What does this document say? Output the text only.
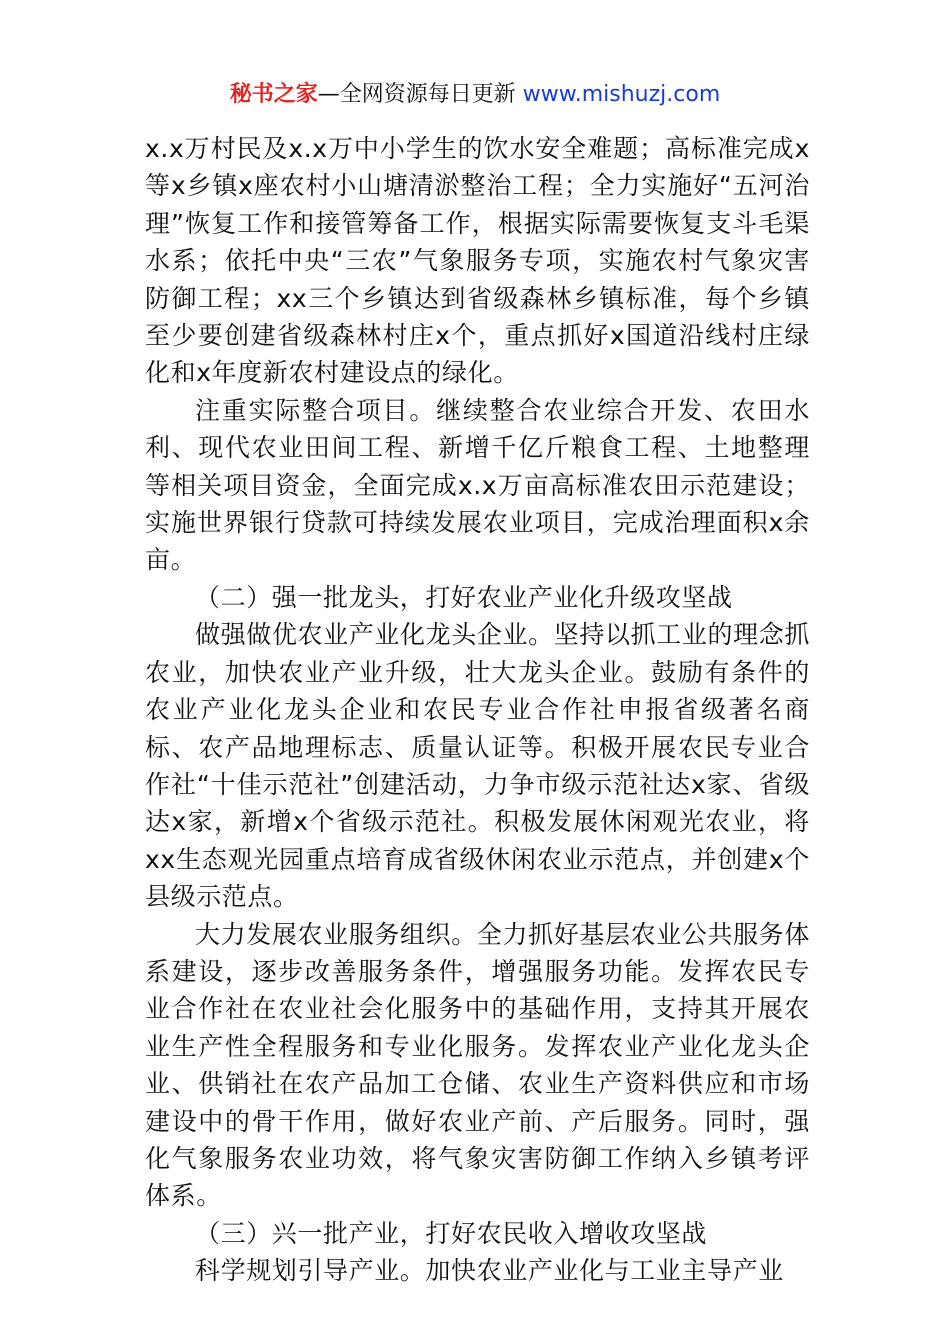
秘书之家—全网资源每日更新 www.mishuzj.com

x.x万村民及x.x万中小学生的饮水安全难题；高标准完成x等x乡镇x座农村小山塘清淤整治工程；全力实施好“五河治理”恢复工作和接管筹备工作，根据实际需要恢复支斗毛渠水系；依托中央“三农”气象服务专项，实施农村气象灾害防御工程；xx三个乡镇达到省级森林乡镇标准，每个乡镇至少要创建省级森林村庄x个，重点抓好x国道沿线村庄绿化和x年度新农村建设点的绿化。

注重实际整合项目。继续整合农业综合开发、农田水利、现代农业田间工程、新增千亿斤粮食工程、土地整理等相关项目资金，全面完成x.x万亩高标准农田示范建设；实施世界银行贷款可持续发展农业项目，完成治理面积x余亩。

（二）强一批龙头，打好农业产业化升级攻坚战

做强做优农业产业化龙头企业。坚持以抓工业的理念抓农业，加快农业产业升级，壮大龙头企业。鼓励有条件的农业产业化龙头企业和农民专业合作社申报省级著名商标、农产品地理标志、质量认证等。积极开展农民专业合作社“十佳示范社”创建活动，力争市级示范社达x家、省级达x家，新增x个省级示范社。积极发展休闲观光农业，将xx生态观光园重点培育成省级休闲农业示范点，并创建x个县级示范点。

大力发展农业服务组织。全力抓好基层农业公共服务体系建设，逐步改善服务条件，增强服务功能。发挥农民专业合作社在农业社会化服务中的基础作用，支持其开展农业生产性全程服务和专业化服务。发挥农业产业化龙头企业、供销社在农产品加工仓储、农业生产资料供应和市场建设中的骨干作用，做好农业产前、产后服务。同时，强化气象服务农业功效，将气象灾害防御工作纳入乡镇考评体系。

（三）兴一批产业，打好农民收入增收攻坚战

科学规划引导产业。加快农业产业化与工业主导产业
